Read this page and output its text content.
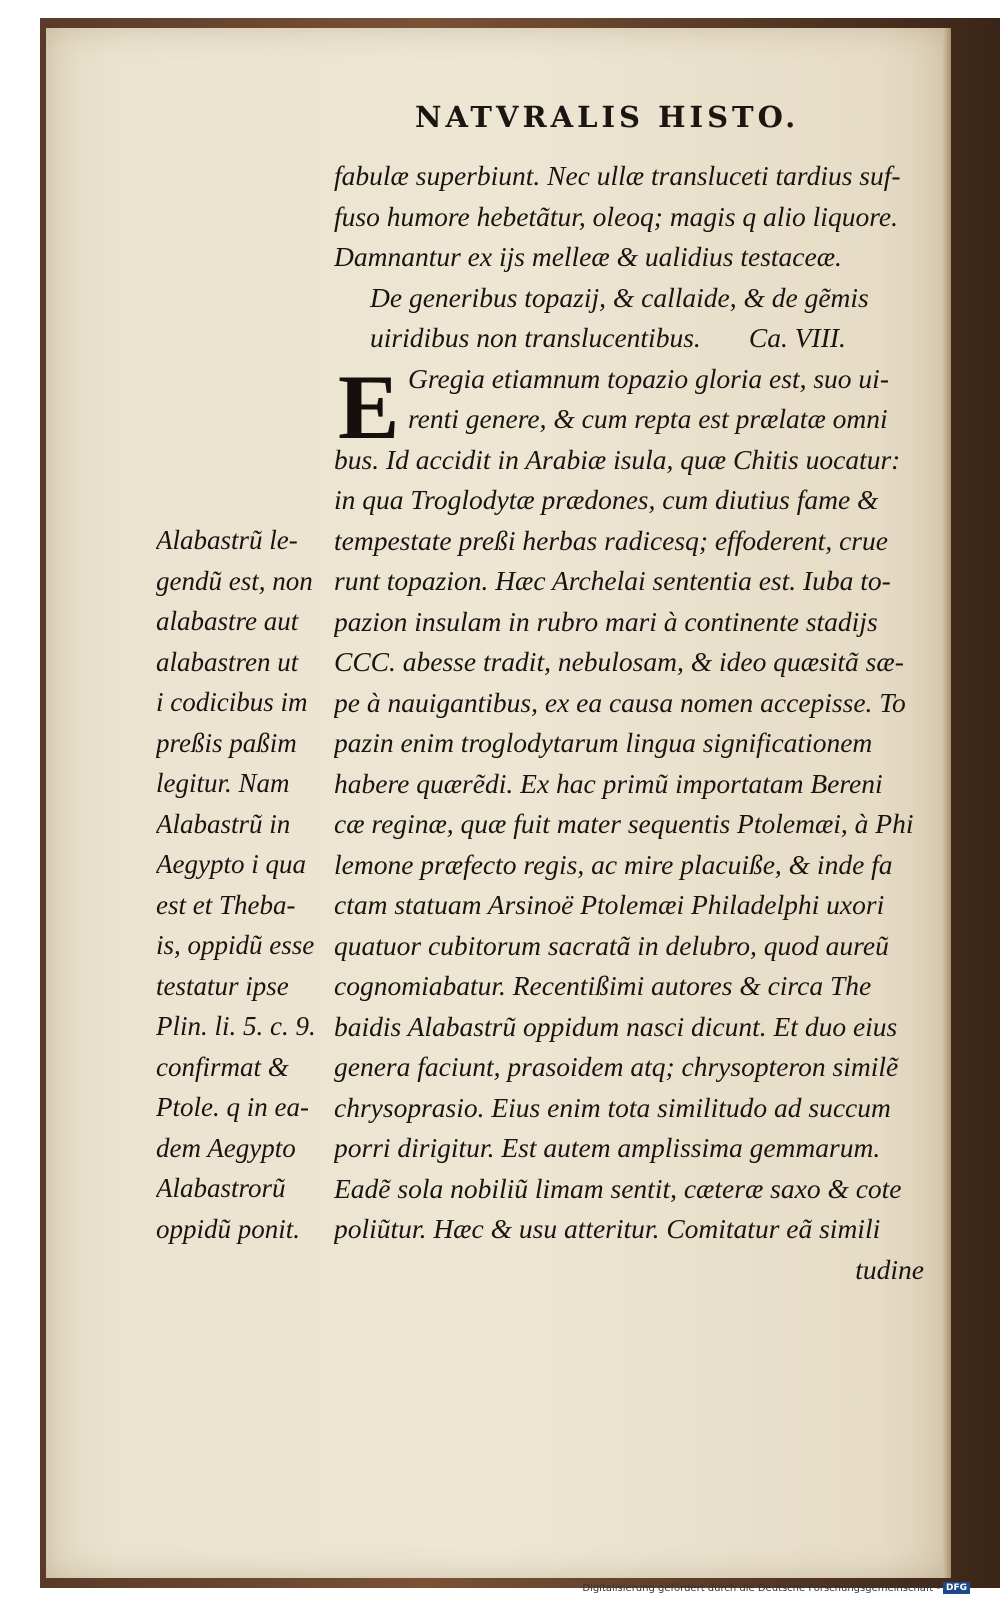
NATVRALIS HISTO.
fabulæ superbiunt. Nec ullæ transluceti tardius suf-
fuso humore hebetãtur, oleoq; magis q alio liquore.
Damnantur ex ijs melleæ & ualidius testaceæ.
De generibus topazij, & callaide, & de gẽmis
uiridibus non translucentibus.       Ca. VIII.
E Gregia etiamnum topazio gloria est, suo ui-
renti genere, & cum repta est prælatæ omni
bus. Id accidit in Arabiæ isula, quæ Chitis uocatur:
in qua Troglodytæ prædones, cum diutius fame &
tempestate preßi herbas radicesq; effoderent, crue
runt topazion. Hæc Archelai sententia est. Iuba to-
pazion insulam in rubro mari à continente stadijs
CCC. abesse tradit, nebulosam, & ideo quæsitã sæ-
pe à nauigantibus, ex ea causa nomen accepisse. To
pazin enim troglodytarum lingua significationem
habere quærẽdi. Ex hac primũ importatam Bereni
cæ reginæ, quæ fuit mater sequentis Ptolemæi, à Phi
lemone præfecto regis, ac mire placuiße, & inde fa
ctam statuam Arsinoë Ptolemæi Philadelphi uxori
quatuor cubitorum sacratã in delubro, quod aureũ
cognomiabatur. Recentißimi autores & circa The
baidis Alabastrũ oppidum nasci dicunt. Et duo eius
genera faciunt, prasoidem atq; chrysopteron similẽ
chrysoprasio. Eius enim tota similitudo ad succum
porri dirigitur. Est autem amplissima gemmarum.
Eadẽ sola nobiliũ limam sentit, cæteræ saxo & cote
poliũtur. Hæc & usu atteritur. Comitatur eã simili
tudine
Alabastrũ le-
gendũ est, non
alabastre aut
alabastren ut
i codicibus im
preßis paßim
legitur. Nam
Alabastrũ in
Aegypto i qua
est et Theba-
is, oppidũ esse
testatur ipse
Plin. li. 5. c. 9.
confirmat &
Ptole. q in ea-
dem Aegypto
Alabastrorũ
oppidũ ponit.
Digitalisierung gefördert durch die Deutsche Forschungsgemeinschaft - DFG
